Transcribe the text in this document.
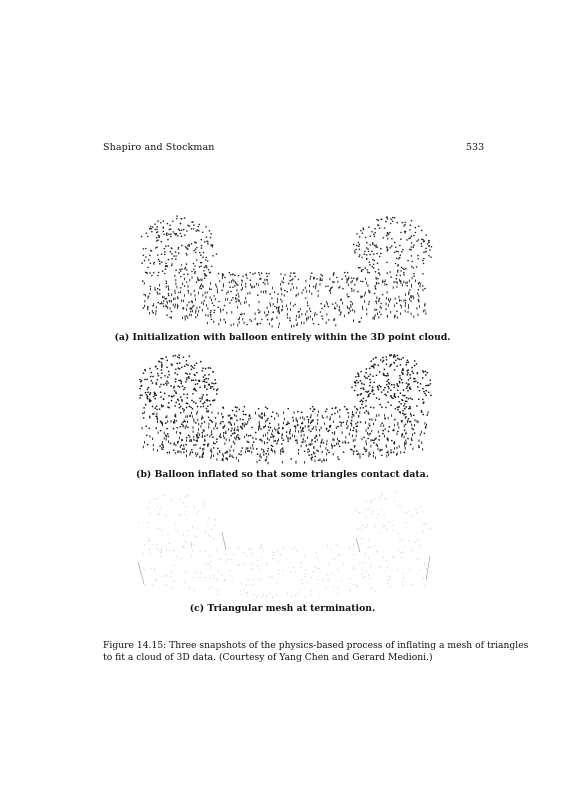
Shapiro and Stockman	533
(a) Initialization with balloon entirely within the 3D point cloud.
(b) Balloon inflated so that some triangles contact data.
(c) Triangular mesh at termination.
Figure 14.15: Three snapshots of the physics-based process of inflating a mesh of triangles
to fit a cloud of 3D data. (Courtesy of Yang Chen and Gerard Medioni.)
